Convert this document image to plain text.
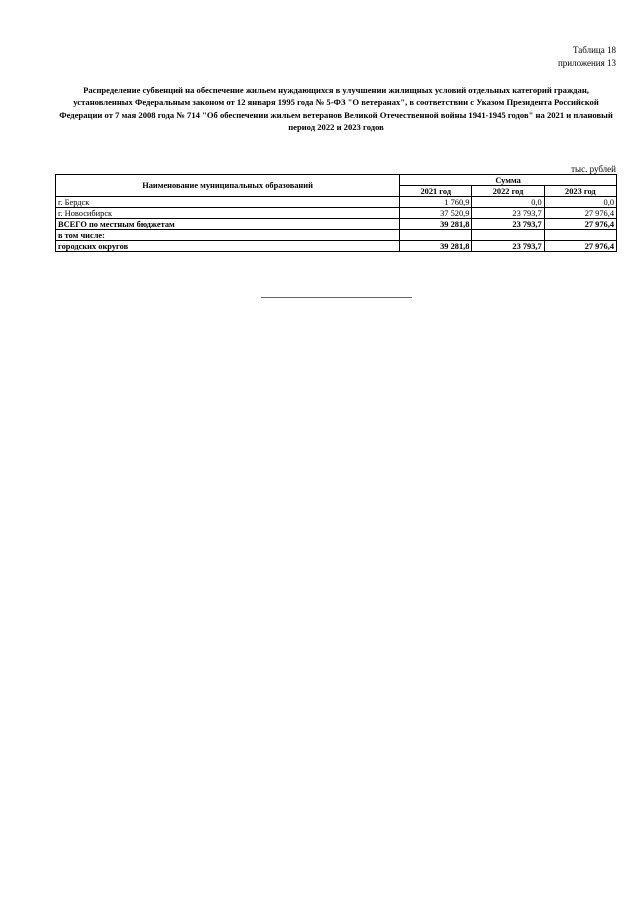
Таблица 18
приложения 13
Распределение субвенций на обеспечение жильем нуждающихся в улучшении жилищных условий отдельных категорий граждан, установленных Федеральным законом от 12 января 1995 года № 5-ФЗ "О ветеранах", в соответствии с Указом Президента Российской Федерации от 7 мая 2008 года № 714 "Об обеспечении жильем ветеранов Великой Отечественной войны 1941-1945 годов" на 2021 и плановый период 2022 и 2023 годов
тыс. рублей
Наименование муниципальных образований	Сумма		
	2021 год	2022 год	2023 год
г. Бердск	1 760,9	0,0	0,0
г. Новосибирск	37 520,9	23 793,7	27 976,4
ВСЕГО по местным бюджетам	39 281,8	23 793,7	27 976,4
в том числе:			
городских округов	39 281,8	23 793,7	27 976,4
